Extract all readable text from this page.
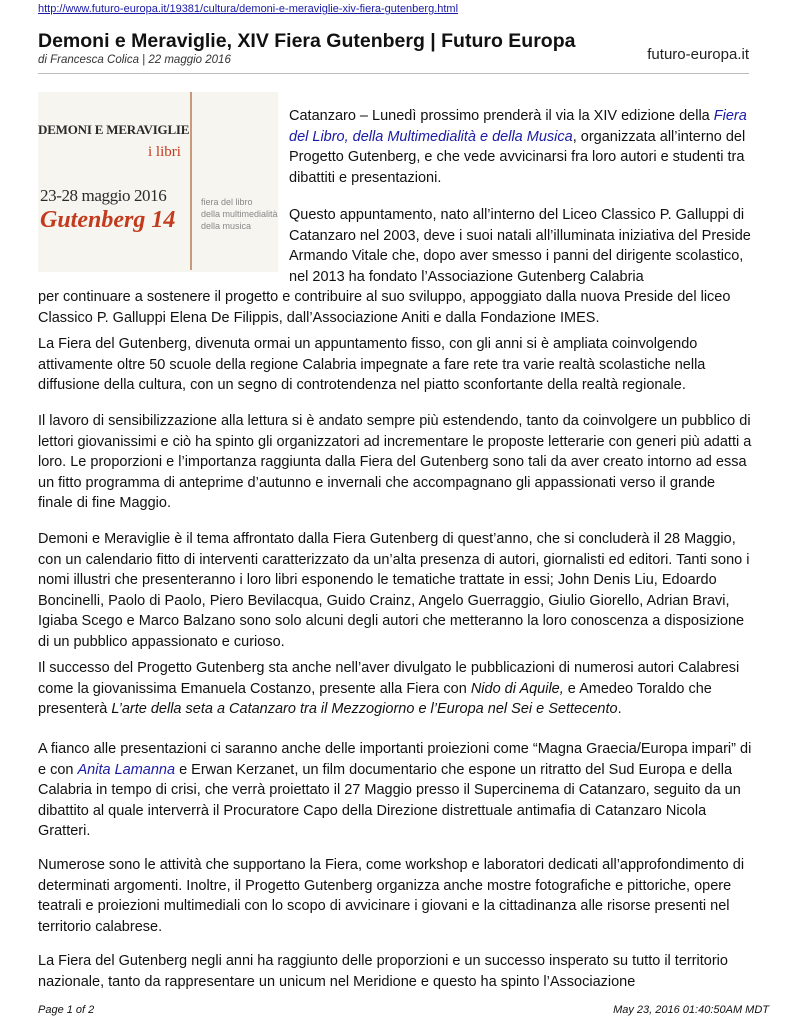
http://www.futuro-europa.it/19381/cultura/demoni-e-meraviglie-xiv-fiera-gutenberg.html
Demoni e Meraviglie, XIV Fiera Gutenberg | Futuro Europa
di Francesca Colica | 22 maggio 2016	futuro-europa.it
DEMONI E MERAVIGLIE
i libri
23-28 maggio 2016
Gutenberg 14
fiera del libro
della multimedialità
della musica
Catanzaro – Lunedì prossimo prenderà il via la XIV edizione della Fiera del Libro, della Multimedialità e della Musica, organizzata all’interno del Progetto Gutenberg, e che vede avvicinarsi fra loro autori e studenti tra dibattiti e presentazioni.
Questo appuntamento, nato all’interno del Liceo Classico P. Galluppi di Catanzaro nel 2003, deve i suoi natali all’illuminata iniziativa del Preside Armando Vitale che, dopo aver smesso i panni del dirigente scolastico, nel 2013 ha fondato l’Associazione Gutenberg Calabria
per continuare a sostenere il progetto e contribuire al suo sviluppo, appoggiato dalla nuova Preside del liceo Classico P. Galluppi Elena De Filippis, dall’Associazione Aniti e dalla Fondazione IMES.
La Fiera del Gutenberg, divenuta ormai un appuntamento fisso, con gli anni si è ampliata coinvolgendo attivamente oltre 50 scuole della regione Calabria impegnate a fare rete tra varie realtà scolastiche nella diffusione della cultura, con un segno di controtendenza nel piatto sconfortante della realtà regionale.
Il lavoro di sensibilizzazione alla lettura si è andato sempre più estendendo, tanto da coinvolgere un pubblico di lettori giovanissimi e ciò ha spinto gli organizzatori ad incrementare le proposte letterarie con generi più adatti a loro. Le proporzioni e l’importanza raggiunta dalla Fiera del Gutenberg sono tali da aver creato intorno ad essa un fitto programma di anteprime d’autunno e invernali che accompagnano gli appassionati verso il grande finale di fine Maggio.
Demoni e Meraviglie è il tema affrontato dalla Fiera Gutenberg di quest’anno, che si concluderà il 28 Maggio, con un calendario fitto di interventi caratterizzato da un’alta presenza di autori, giornalisti ed editori. Tanti sono i nomi illustri che presenteranno i loro libri esponendo le tematiche trattate in essi; John Denis Liu, Edoardo Boncinelli, Paolo di Paolo, Piero Bevilacqua, Guido Crainz, Angelo Guerraggio, Giulio Giorello, Adrian Bravi, Igiaba Scego e Marco Balzano sono solo alcuni degli autori che metteranno la loro conoscenza a disposizione di un pubblico appassionato e curioso.
Il successo del Progetto Gutenberg sta anche nell’aver divulgato le pubblicazioni di numerosi autori Calabresi come la giovanissima Emanuela Costanzo, presente alla Fiera con Nido di Aquile, e Amedeo Toraldo che presenterà L’arte della seta a Catanzaro tra il Mezzogiorno e l’Europa nel Sei e Settecento.
A fianco alle presentazioni ci saranno anche delle importanti proiezioni come “Magna Graecia/Europa impari” di e con Anita Lamanna e Erwan Kerzanet, un film documentario che espone un ritratto del Sud Europa e della Calabria in tempo di crisi, che verrà proiettato il 27 Maggio presso il Supercinema di Catanzaro, seguito da un dibattito al quale interverrà il Procuratore Capo della Direzione distrettuale antimafia di Catanzaro Nicola Gratteri.
Numerose sono le attività che supportano la Fiera, come workshop e laboratori dedicati all’approfondimento di determinati argomenti. Inoltre, il Progetto Gutenberg organizza anche mostre fotografiche e pittoriche, opere teatrali e proiezioni multimediali con lo scopo di avvicinare i giovani e la cittadinanza alle risorse presenti nel territorio calabrese.
La Fiera del Gutenberg negli anni ha raggiunto delle proporzioni e un successo insperato su tutto il territorio nazionale, tanto da rappresentare un unicum nel Meridione e questo ha spinto l’Associazione
Page 1 of 2	May 23, 2016 01:40:50AM MDT
